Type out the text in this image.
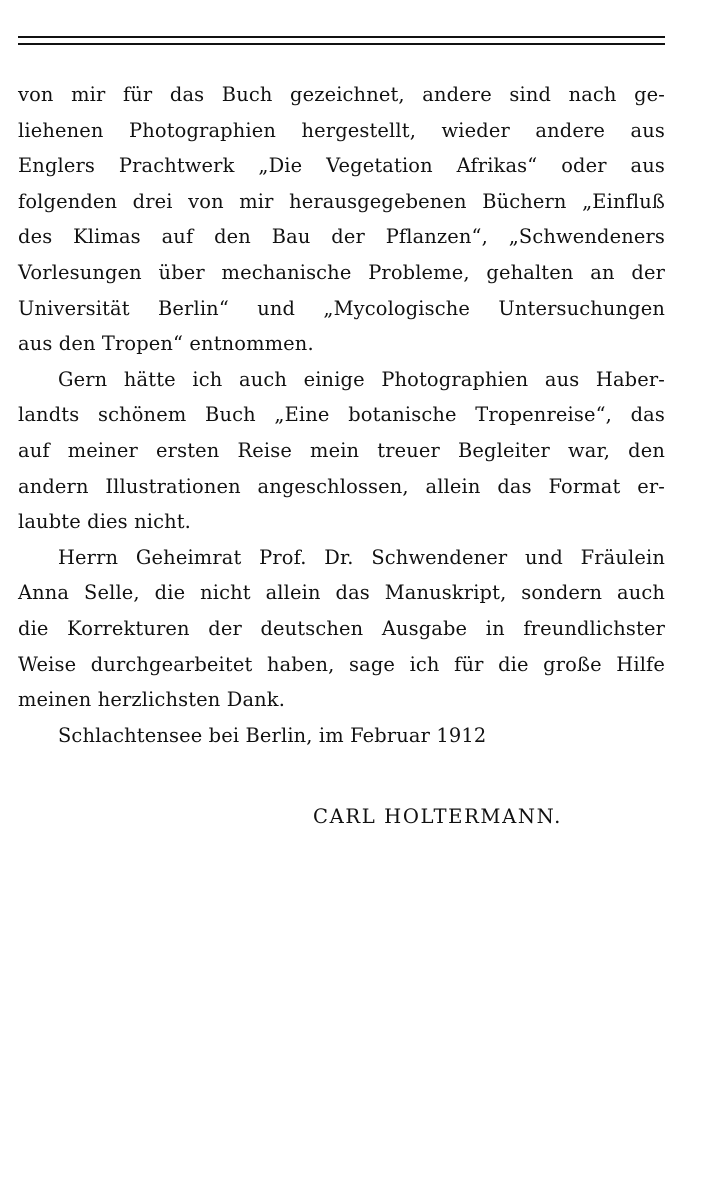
von mir für das Buch gezeichnet, andere sind nach ge-
liehenen Photographien hergestellt, wieder andere aus
Englers Prachtwerk „Die Vegetation Afrikas“ oder aus
folgenden drei von mir herausgegebenen Büchern „Einfluß
des Klimas auf den Bau der Pflanzen“, „Schwendeners
Vorlesungen über mechanische Probleme, gehalten an der
Universität Berlin“ und „Mycologische Untersuchungen
aus den Tropen“ entnommen.
Gern hätte ich auch einige Photographien aus Haber-
landts schönem Buch „Eine botanische Tropenreise“, das
auf meiner ersten Reise mein treuer Begleiter war, den
andern Illustrationen angeschlossen, allein das Format er-
laubte dies nicht.
Herrn Geheimrat Prof. Dr. Schwendener und Fräulein
Anna Selle, die nicht allein das Manuskript, sondern auch
die Korrekturen der deutschen Ausgabe in freundlichster
Weise durchgearbeitet haben, sage ich für die große Hilfe
meinen herzlichsten Dank.
Schlachtensee bei Berlin, im Februar 1912
CARL HOLTERMANN.
